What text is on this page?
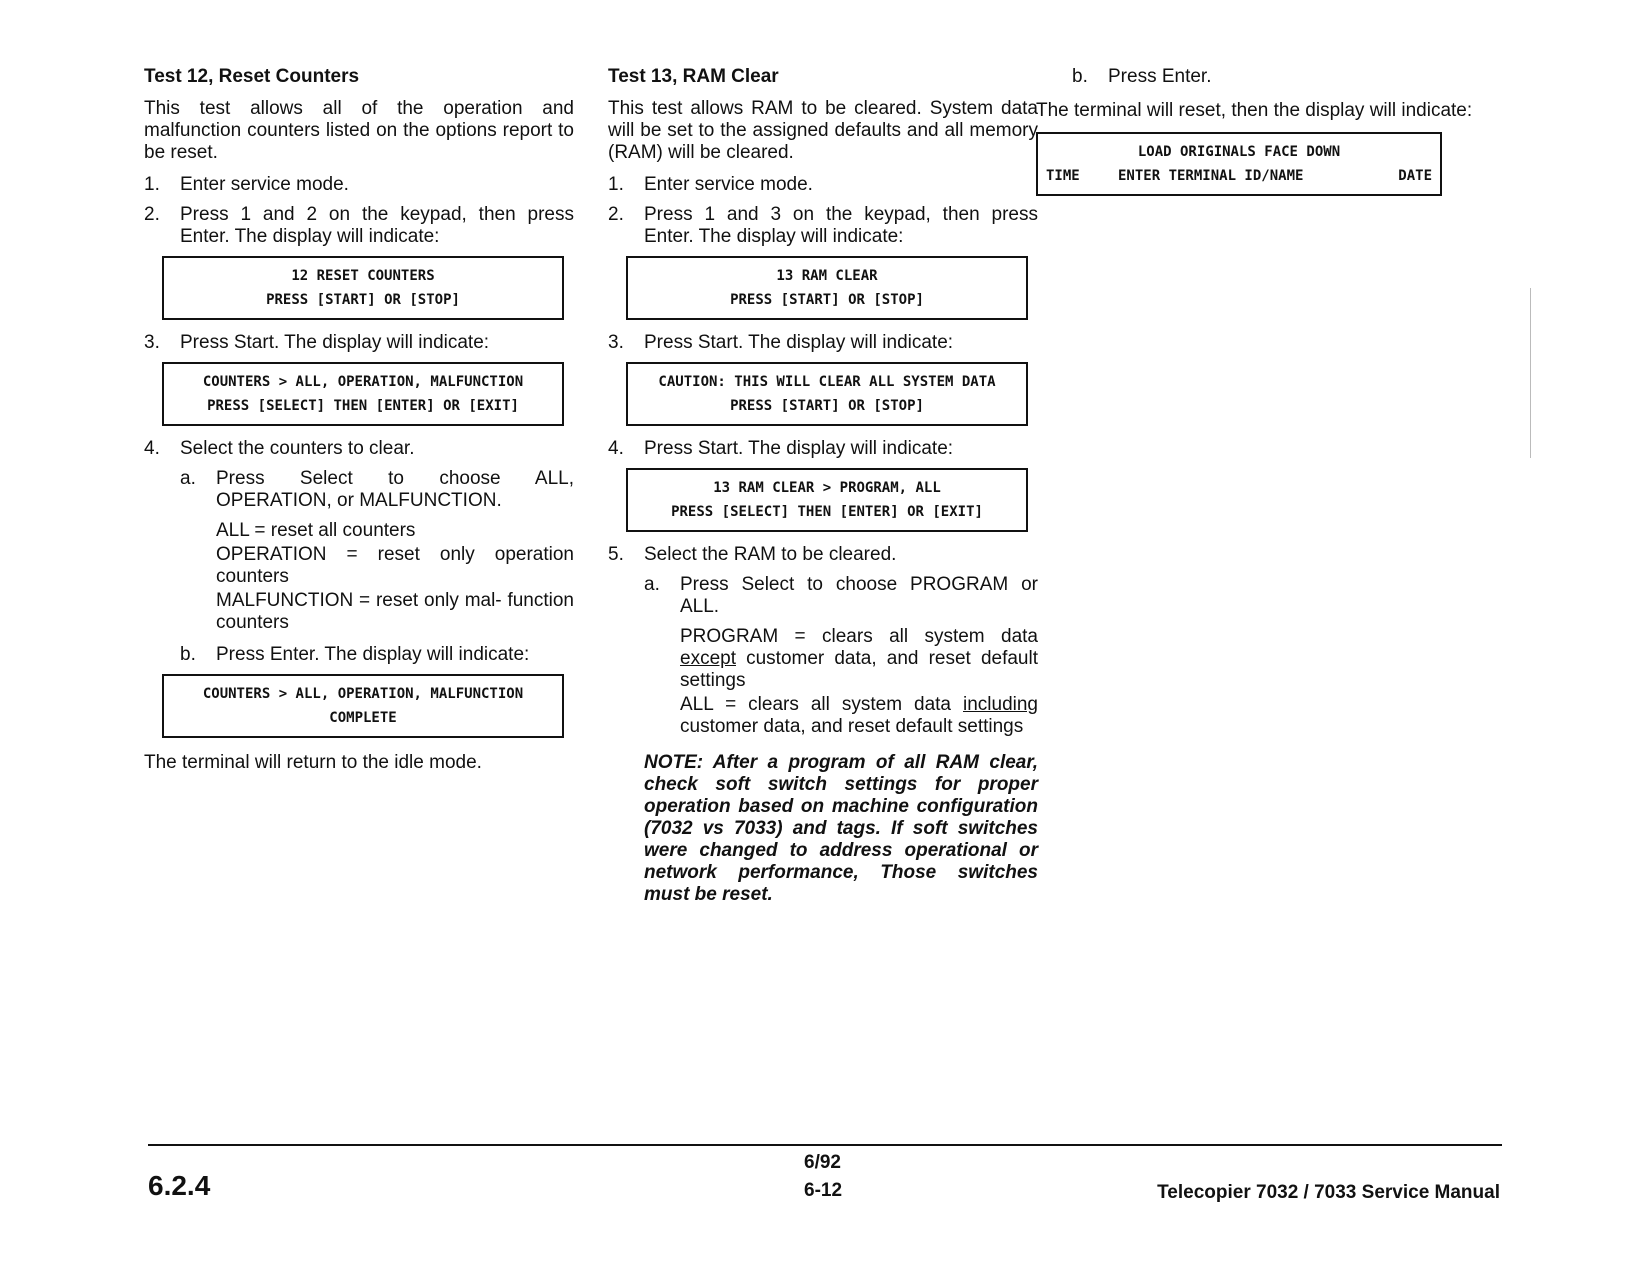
Test 12, Reset Counters

This test allows all of the operation and malfunction counters listed on the options report to be reset.

1.	Enter service mode.
2.	Press 1 and 2 on the keypad, then press Enter. The display will indicate:
12 RESET COUNTERS
PRESS [START] OR [STOP]
3.	Press Start. The display will indicate:
COUNTERS > ALL, OPERATION, MALFUNCTION
PRESS [SELECT] THEN [ENTER] OR [EXIT]
4.	Select the counters to clear.
a.	Press Select to choose ALL, OPERATION, or MALFUNCTION.
ALL = reset all counters
OPERATION = reset only operation counters
MALFUNCTION = reset only mal- function counters
b.	Press Enter. The display will indicate:
COUNTERS > ALL, OPERATION, MALFUNCTION
COMPLETE

The terminal will return to the idle mode.

Test 13, RAM Clear

This test allows RAM to be cleared. System data will be set to the assigned defaults and all memory (RAM) will be cleared.

1.	Enter service mode.
2.	Press 1 and 3 on the keypad, then press Enter. The display will indicate:
13 RAM CLEAR
PRESS [START] OR [STOP]
3.	Press Start. The display will indicate:
CAUTION: THIS WILL CLEAR ALL SYSTEM DATA
PRESS [START] OR [STOP]
4.	Press Start. The display will indicate:
13 RAM CLEAR > PROGRAM, ALL
PRESS [SELECT] THEN [ENTER] OR [EXIT]
5.	Select the RAM to be cleared.
a.	Press Select to choose PROGRAM or ALL.
PROGRAM = clears all system data except customer data, and reset default settings
ALL = clears all system data including customer data, and reset default settings
NOTE: After a program of all RAM clear, check soft switch settings for proper operation based on machine configuration (7032 vs 7033) and tags. If soft switches were changed to address operational or network performance, Those switches must be reset.
b.	Press Enter.

The terminal will reset, then the display will indicate:

LOAD ORIGINALS FACE DOWN
TIME	ENTER TERMINAL ID/NAME	DATE
6.2.4
6/92
6-12	Telecopier 7032 / 7033 Service Manual
